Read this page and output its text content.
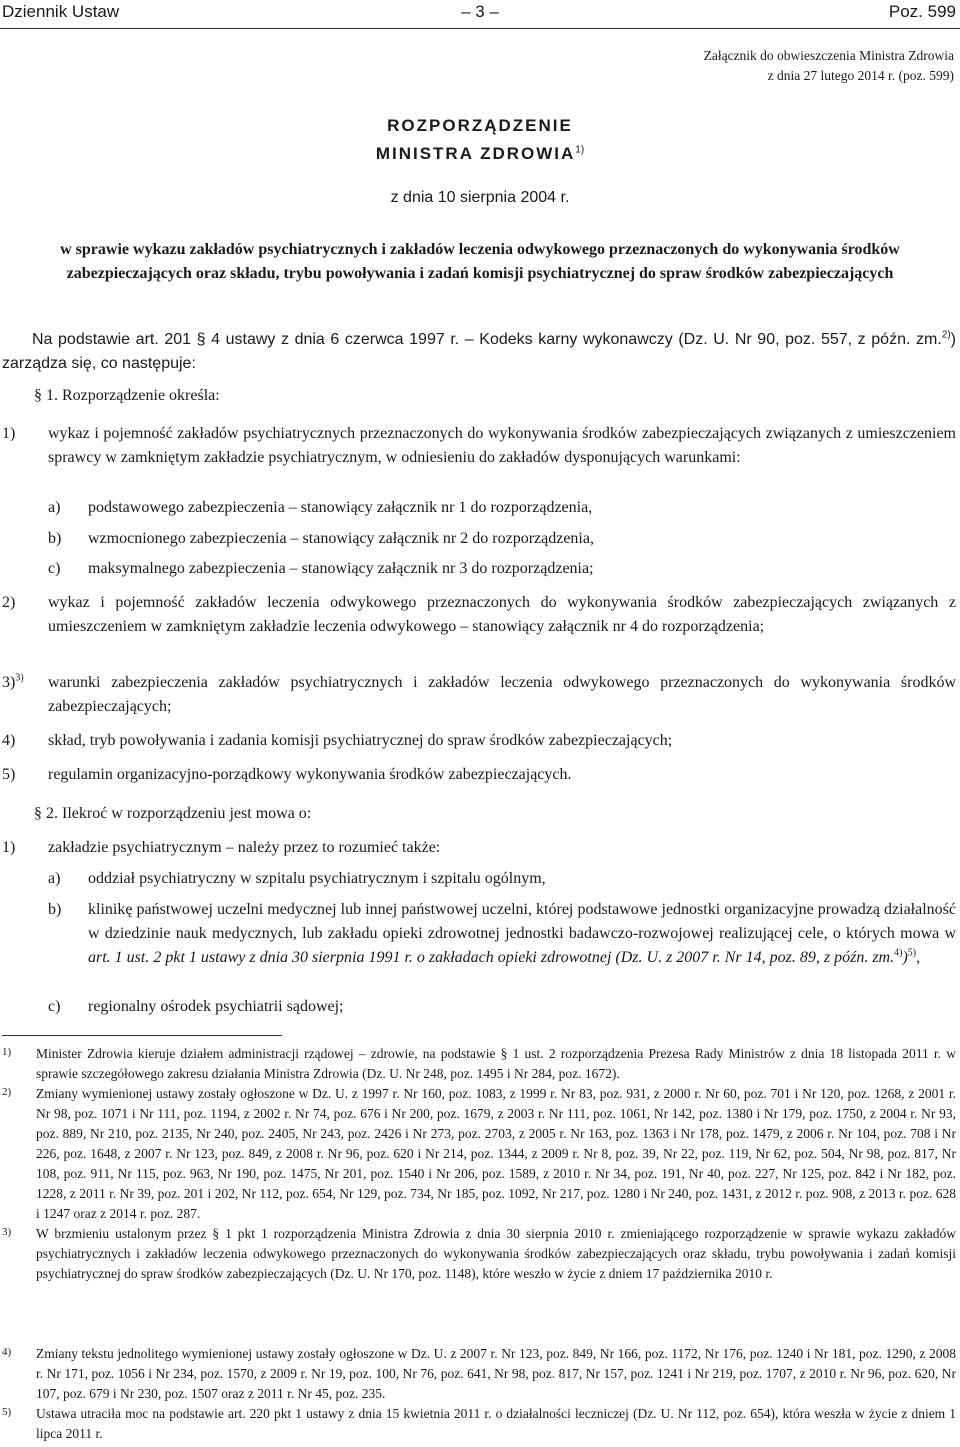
Dziennik Ustaw	– 3 –	Poz. 599
Załącznik do obwieszczenia Ministra Zdrowia
z dnia 27 lutego 2014 r. (poz. 599)
ROZPORZĄDZENIE
MINISTRA ZDROWIA$^{1)}$
z dnia 10 sierpnia 2004 r.
w sprawie wykazu zakładów psychiatrycznych i zakładów leczenia odwykowego przeznaczonych do wykonywania środków zabezpieczających oraz składu, trybu powoływania i zadań komisji psychiatrycznej do spraw środków zabezpieczających
Na podstawie art. 201 § 4 ustawy z dnia 6 czerwca 1997 r. – Kodeks karny wykonawczy (Dz. U. Nr 90, poz. 557, z późn. zm.$^{2)}$) zarządza się, co następuje:
§ 1. Rozporządzenie określa:
1) wykaz i pojemność zakładów psychiatrycznych przeznaczonych do wykonywania środków zabezpieczających związanych z umieszczeniem sprawcy w zamkniętym zakładzie psychiatrycznym, w odniesieniu do zakładów dysponujących warunkami:
a) podstawowego zabezpieczenia – stanowiący załącznik nr 1 do rozporządzenia,
b) wzmocnionego zabezpieczenia – stanowiący załącznik nr 2 do rozporządzenia,
c) maksymalnego zabezpieczenia – stanowiący załącznik nr 3 do rozporządzenia;
2) wykaz i pojemność zakładów leczenia odwykowego przeznaczonych do wykonywania środków zabezpieczających związanych z umieszczeniem w zamkniętym zakładzie leczenia odwykowego – stanowiący załącznik nr 4 do rozporządzenia;
3)$^{3)}$ warunki zabezpieczenia zakładów psychiatrycznych i zakładów leczenia odwykowego przeznaczonych do wykonywania środków zabezpieczających;
4) skład, tryb powoływania i zadania komisji psychiatrycznej do spraw środków zabezpieczających;
5) regulamin organizacyjno-porządkowy wykonywania środków zabezpieczających.
§ 2. Ilekroć w rozporządzeniu jest mowa o:
1) zakładzie psychiatrycznym – należy przez to rozumieć także:
a) oddział psychiatryczny w szpitalu psychiatrycznym i szpitalu ogólnym,
b) klinikę państwowej uczelni medycznej lub innej państwowej uczelni, której podstawowe jednostki organizacyjne prowadzą działalność w dziedzinie nauk medycznych, lub zakładu opieki zdrowotnej jednostki badawczo-rozwojowej realizującej cele, o których mowa w art. 1 ust. 2 pkt 1 ustawy z dnia 30 sierpnia 1991 r. o zakładach opieki zdrowotnej (Dz. U. z 2007 r. Nr 14, poz. 89, z późn. zm.$^{4)}$)$^{5)}$,
c) regionalny ośrodek psychiatrii sądowej;
1) Minister Zdrowia kieruje działem administracji rządowej – zdrowie, na podstawie § 1 ust. 2 rozporządzenia Prezesa Rady Ministrów z dnia 18 listopada 2011 r. w sprawie szczegółowego zakresu działania Ministra Zdrowia (Dz. U. Nr 248, poz. 1495 i Nr 284, poz. 1672).
2) Zmiany wymienionej ustawy zostały ogłoszone w Dz. U. z 1997 r. Nr 160, poz. 1083, z 1999 r. Nr 83, poz. 931, z 2000 r. Nr 60, poz. 701 i Nr 120, poz. 1268, z 2001 r. Nr 98, poz. 1071 i Nr 111, poz. 1194, z 2002 r. Nr 74, poz. 676 i Nr 200, poz. 1679, z 2003 r. Nr 111, poz. 1061, Nr 142, poz. 1380 i Nr 179, poz. 1750, z 2004 r. Nr 93, poz. 889, Nr 210, poz. 2135, Nr 240, poz. 2405, Nr 243, poz. 2426 i Nr 273, poz. 2703, z 2005 r. Nr 163, poz. 1363 i Nr 178, poz. 1479, z 2006 r. Nr 104, poz. 708 i Nr 226, poz. 1648, z 2007 r. Nr 123, poz. 849, z 2008 r. Nr 96, poz. 620 i Nr 214, poz. 1344, z 2009 r. Nr 8, poz. 39, Nr 22, poz. 119, Nr 62, poz. 504, Nr 98, poz. 817, Nr 108, poz. 911, Nr 115, poz. 963, Nr 190, poz. 1475, Nr 201, poz. 1540 i Nr 206, poz. 1589, z 2010 r. Nr 34, poz. 191, Nr 40, poz. 227, Nr 125, poz. 842 i Nr 182, poz. 1228, z 2011 r. Nr 39, poz. 201 i 202, Nr 112, poz. 654, Nr 129, poz. 734, Nr 185, poz. 1092, Nr 217, poz. 1280 i Nr 240, poz. 1431, z 2012 r. poz. 908, z 2013 r. poz. 628 i 1247 oraz z 2014 r. poz. 287.
3) W brzmieniu ustalonym przez § 1 pkt 1 rozporządzenia Ministra Zdrowia z dnia 30 sierpnia 2010 r. zmieniającego rozporządzenie w sprawie wykazu zakładów psychiatrycznych i zakładów leczenia odwykowego przeznaczonych do wykonywania środków zabezpieczających oraz składu, trybu powoływania i zadań komisji psychiatrycznej do spraw środków zabezpieczających (Dz. U. Nr 170, poz. 1148), które weszło w życie z dniem 17 października 2010 r.
4) Zmiany tekstu jednolitego wymienionej ustawy zostały ogłoszone w Dz. U. z 2007 r. Nr 123, poz. 849, Nr 166, poz. 1172, Nr 176, poz. 1240 i Nr 181, poz. 1290, z 2008 r. Nr 171, poz. 1056 i Nr 234, poz. 1570, z 2009 r. Nr 19, poz. 100, Nr 76, poz. 641, Nr 98, poz. 817, Nr 157, poz. 1241 i Nr 219, poz. 1707, z 2010 r. Nr 96, poz. 620, Nr 107, poz. 679 i Nr 230, poz. 1507 oraz z 2011 r. Nr 45, poz. 235.
5) Ustawa utraciła moc na podstawie art. 220 pkt 1 ustawy z dnia 15 kwietnia 2011 r. o działalności leczniczej (Dz. U. Nr 112, poz. 654), która weszła w życie z dniem 1 lipca 2011 r.
